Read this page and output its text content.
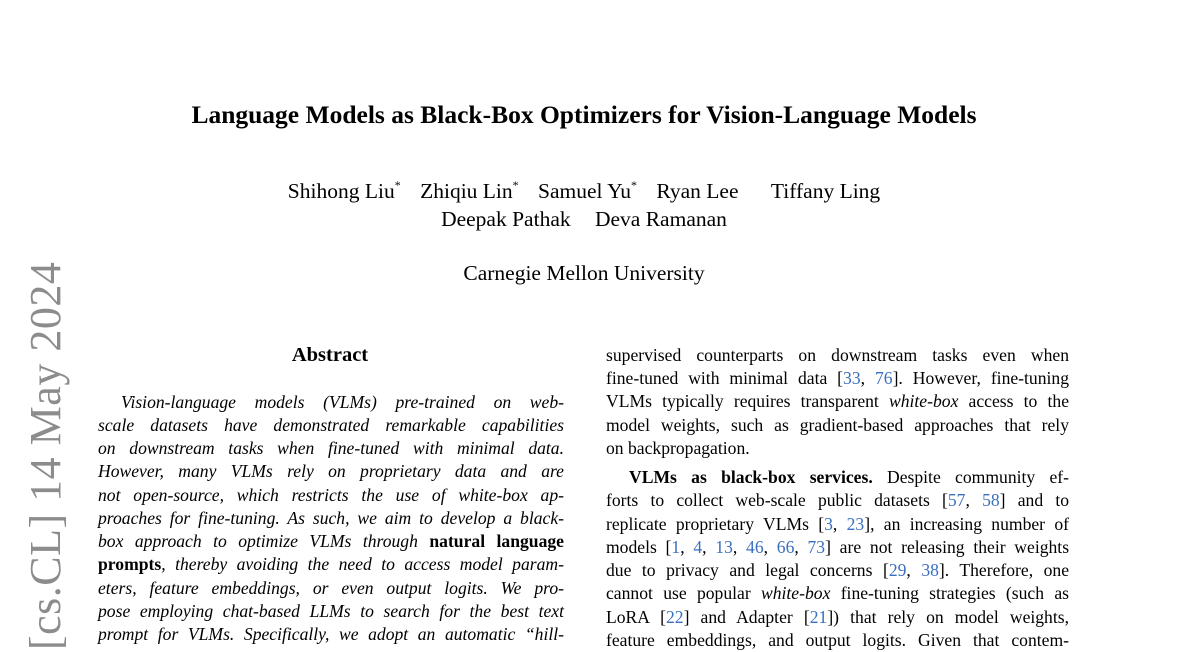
Language Models as Black-Box Optimizers for Vision-Language Models
Shihong Liu* Zhiqiu Lin* Samuel Yu* Ryan Lee Tiffany Ling
Deepak Pathak Deva Ramanan
Carnegie Mellon University
[cs.CL] 14 May 2024	Abstract
Vision-language models (VLMs) pre-trained on web-
scale datasets have demonstrated remarkable capabilities
on downstream tasks when fine-tuned with minimal data.
However, many VLMs rely on proprietary data and are
not open-source, which restricts the use of white-box ap-
proaches for fine-tuning. As such, we aim to develop a black-
box approach to optimize VLMs through natural language
prompts, thereby avoiding the need to access model param-
eters, feature embeddings, or even output logits. We pro-
pose employing chat-based LLMs to search for the best text
prompt for VLMs. Specifically, we adopt an automatic “hill-
supervised counterparts on downstream tasks even when
fine-tuned with minimal data [33, 76]. However, fine-tuning
VLMs typically requires transparent white-box access to the
model weights, such as gradient-based approaches that rely
on backpropagation.
VLMs as black-box services. Despite community ef-
forts to collect web-scale public datasets [57, 58] and to
replicate proprietary VLMs [3, 23], an increasing number of
models [1, 4, 13, 46, 66, 73] are not releasing their weights
due to privacy and legal concerns [29, 38]. Therefore, one
cannot use popular white-box fine-tuning strategies (such as
LoRA [22] and Adapter [21]) that rely on model weights,
feature embeddings, and output logits. Given that contem-
